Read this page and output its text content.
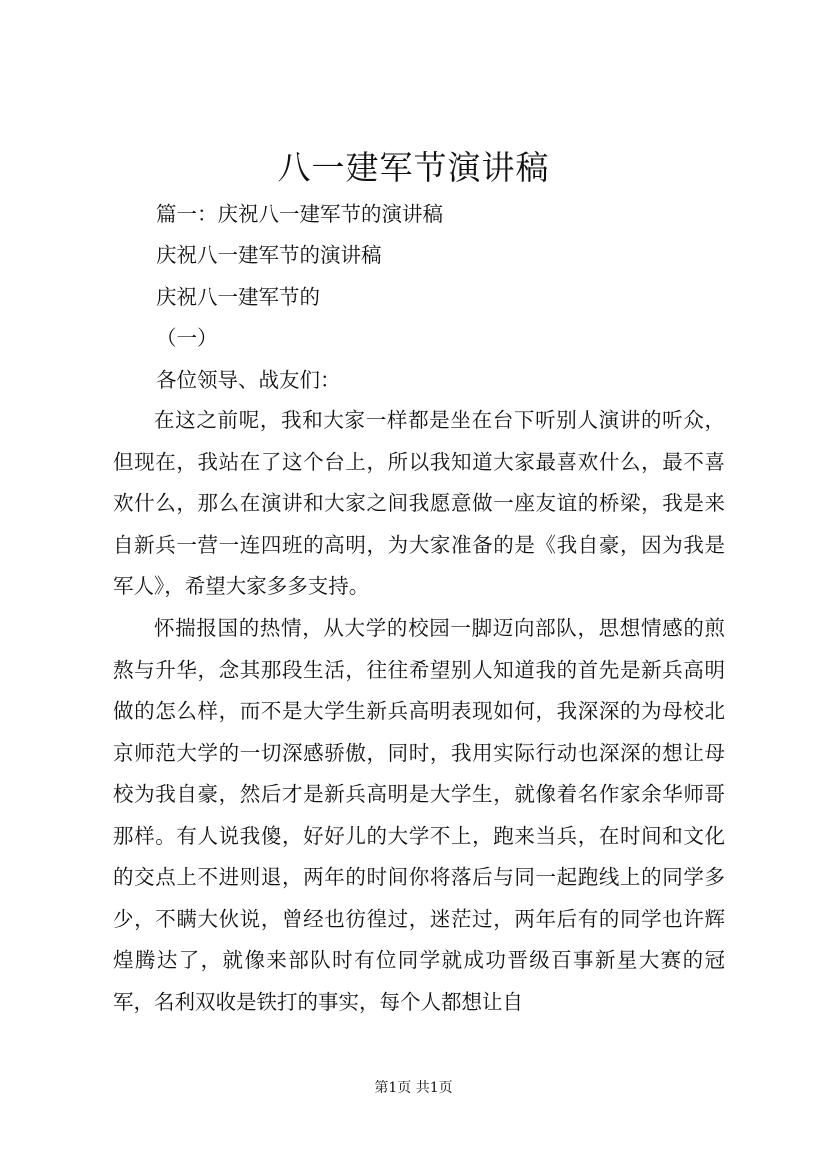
八一建军节演讲稿
篇一：庆祝八一建军节的演讲稿
庆祝八一建军节的演讲稿
庆祝八一建军节的
（一）
各位领导、战友们：
在这之前呢，我和大家一样都是坐在台下听别人演讲的听众，但现在，我站在了这个台上，所以我知道大家最喜欢什么，最不喜欢什么，那么在演讲和大家之间我愿意做一座友谊的桥梁，我是来自新兵一营一连四班的高明，为大家准备的是《我自豪，因为我是军人》，希望大家多多支持。
怀揣报国的热情，从大学的校园一脚迈向部队，思想情感的煎熬与升华，念其那段生活，往往希望别人知道我的首先是新兵高明做的怎么样，而不是大学生新兵高明表现如何，我深深的为母校北京师范大学的一切深感骄傲，同时，我用实际行动也深深的想让母校为我自豪，然后才是新兵高明是大学生，就像着名作家余华师哥那样。有人说我傻，好好儿的大学不上，跑来当兵，在时间和文化的交点上不进则退，两年的时间你将落后与同一起跑线上的同学多少，不瞒大伙说，曾经也彷徨过，迷茫过，两年后有的同学也许辉煌腾达了，就像来部队时有位同学就成功晋级百事新星大赛的冠军，名利双收是铁打的事实，每个人都想让自
第1页 共1页
